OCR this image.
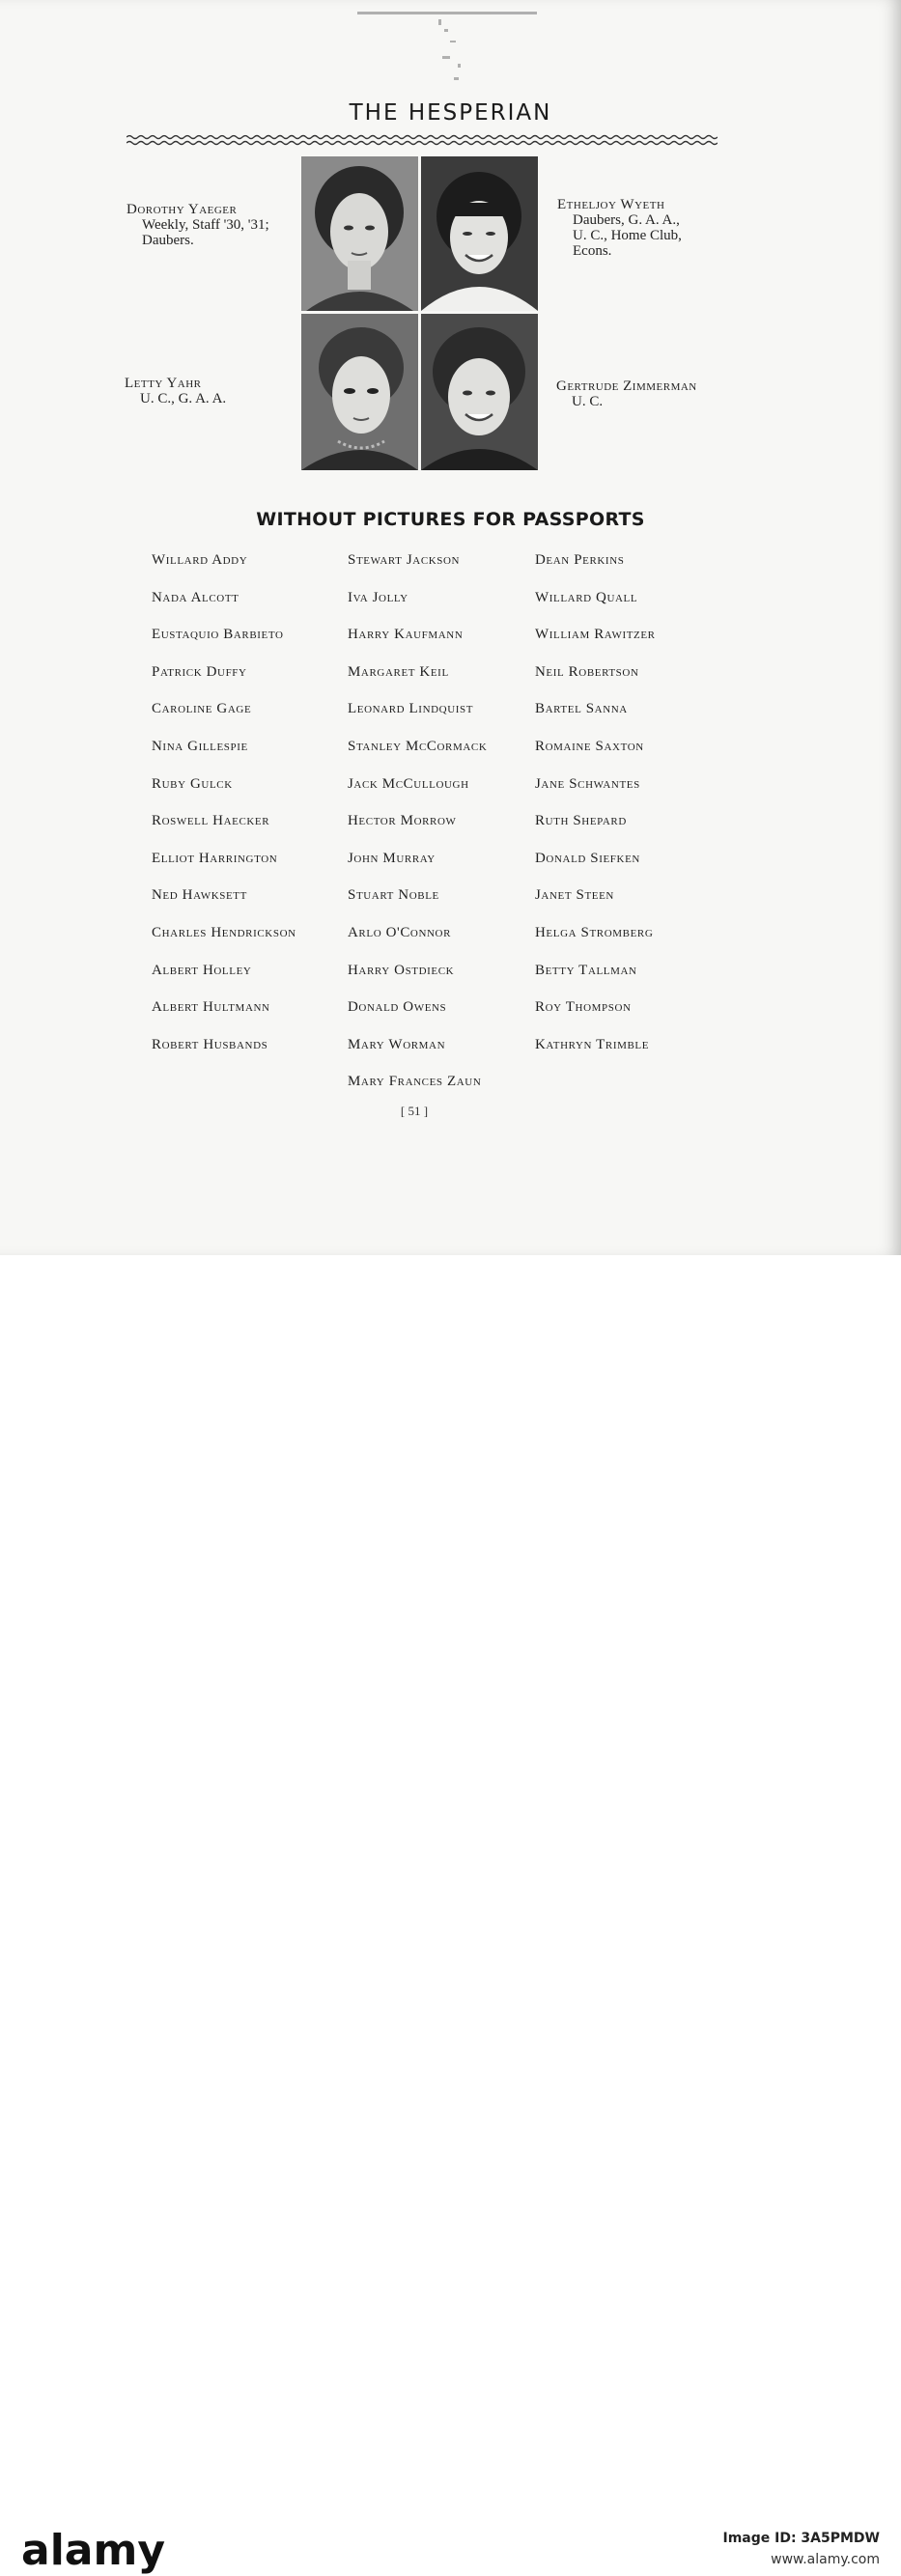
THE HESPERIAN
Dorothy Yaeger
Weekly, Staff '30, '31;
Daubers.
Etheljoy Wyeth
Daubers, G. A. A.,
U. C., Home Club,
Econs.
Letty Yahr
U. C., G. A. A.
Gertrude Zimmerman
U. C.
WITHOUT PICTURES FOR PASSPORTS
Willard Addy
Nada Alcott
Eustaquio Barbieto
Patrick Duffy
Caroline Gage
Nina Gillespie
Ruby Gulck
Roswell Haecker
Elliot Harrington
Ned Hawksett
Charles Hendrickson
Albert Holley
Albert Hultmann
Robert Husbands
Stewart Jackson
Iva Jolly
Harry Kaufmann
Margaret Keil
Leonard Lindquist
Stanley McCormack
Jack McCullough
Hector Morrow
John Murray
Stuart Noble
Arlo O'Connor
Harry Ostdieck
Donald Owens
Mary Worman
Mary Frances Zaun
Dean Perkins
Willard Quall
William Rawitzer
Neil Robertson
Bartel Sanna
Romaine Saxton
Jane Schwantes
Ruth Shepard
Donald Siefken
Janet Steen
Helga Stromberg
Betty Tallman
Roy Thompson
Kathryn Trimble
[ 51 ]
alamy	Image ID: 3A5PMDW
www.alamy.com
